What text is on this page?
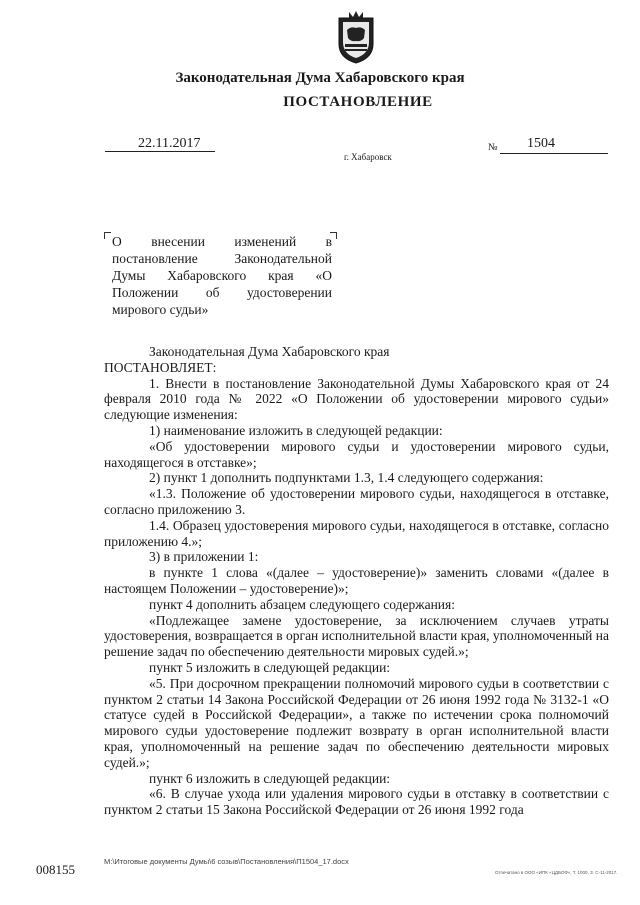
Законодательная Дума Хабаровского края
ПОСТАНОВЛЕНИЕ
22.11.2017
г. Хабаровск
№ 1504
О внесении изменений в постановление Законодательной Думы Хабаровского края «О Положении об удостоверении мирового судьи»

Законодательная Дума Хабаровского края

ПОСТАНОВЛЯЕТ:

1. Внести в постановление Законодательной Думы Хабаровского края от 24 февраля 2010 года № 2022 «О Положении об удостоверении мирового судьи» следующие изменения:

1) наименование изложить в следующей редакции:

«Об удостоверении мирового судьи и удостоверении мирового судьи, находящегося в отставке»;

2) пункт 1 дополнить подпунктами 1.3, 1.4 следующего содержания:

«1.3. Положение об удостоверении мирового судьи, находящегося в отставке, согласно приложению 3.

1.4. Образец удостоверения мирового судьи, находящегося в отставке, согласно приложению 4.»;

3) в приложении 1:

в пункте 1 слова «(далее – удостоверение)» заменить словами «(далее в настоящем Положении – удостоверение)»;

пункт 4 дополнить абзацем следующего содержания:

«Подлежащее замене удостоверение, за исключением случаев утраты удостоверения, возвращается в орган исполнительной власти края, уполномоченный на решение задач по обеспечению деятельности мировых судей.»;

пункт 5 изложить в следующей редакции:

«5. При досрочном прекращении полномочий мирового судьи в соответствии с пунктом 2 статьи 14 Закона Российской Федерации от 26 июня 1992 года № 3132-1 «О статусе судей в Российской Федерации», а также по истечении срока полномочий мирового судьи удостоверение подлежит возврату в орган исполнительной власти края, уполномоченный на решение задач по обеспечению деятельности мировых судей.»;

пункт 6 изложить в следующей редакции:

«6. В случае ухода или удаления мирового судьи в отставку в соответствии с пунктом 2 статьи 15 Закона Российской Федерации от 26 июня 1992 года

М:\Итоговые документы Думы\6 созыв\Постановления\П1504_17.docx
Отпечатано в ООО «ИПК «ЦДБОФ», Т. 1000, З. С-11-2017.
008155
